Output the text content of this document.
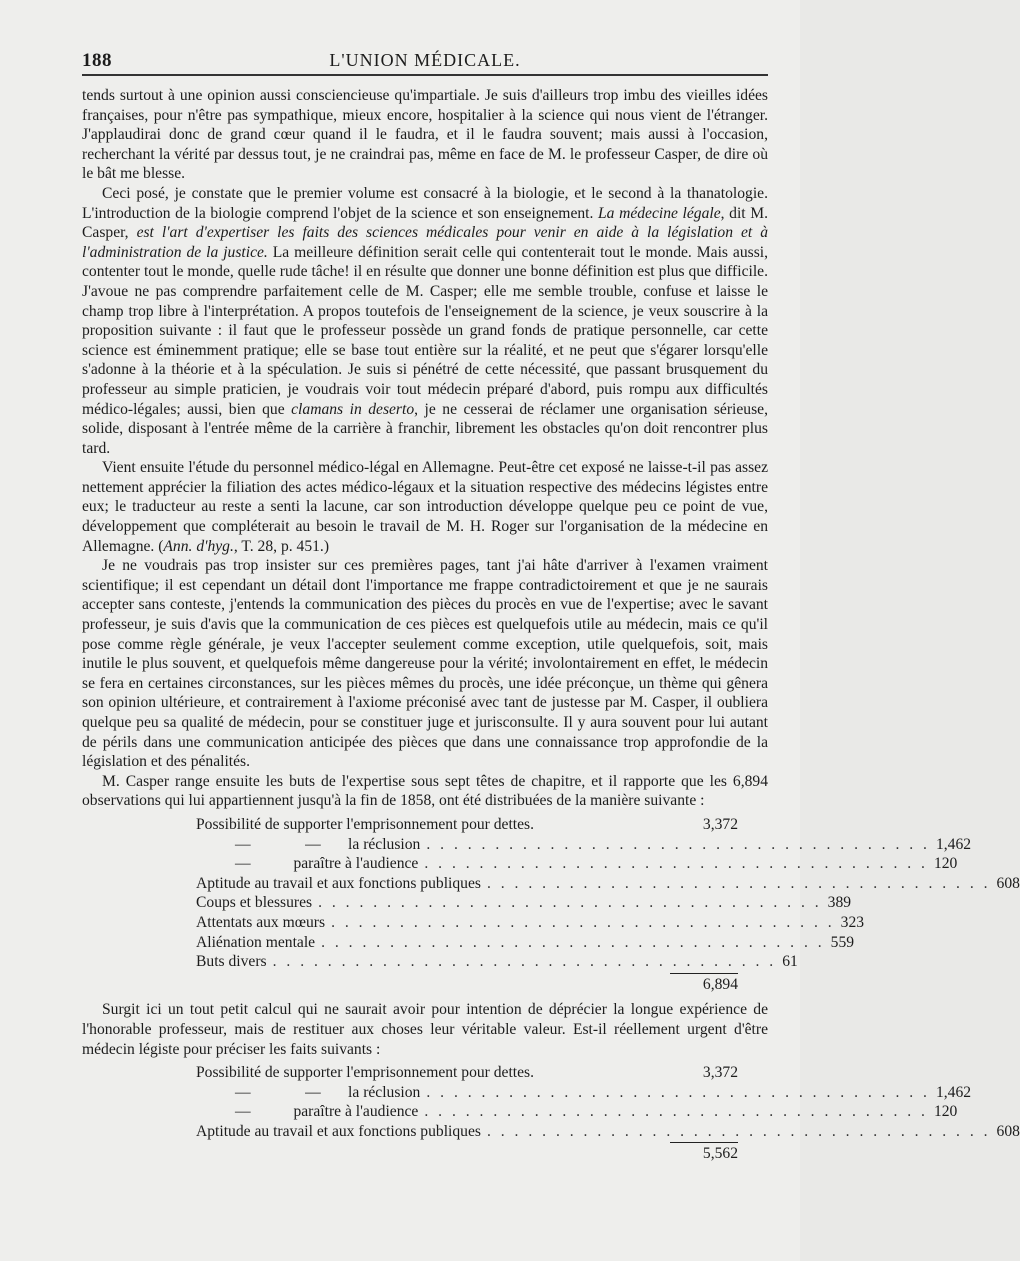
188	L'UNION MÉDICALE.

tends surtout à une opinion aussi consciencieuse qu'impartiale. Je suis d'ailleurs trop imbu des vieilles idées françaises, pour n'être pas sympathique, mieux encore, hospitalier à la science qui nous vient de l'étranger. J'applaudirai donc de grand cœur quand il le faudra, et il le faudra souvent; mais aussi à l'occasion, recherchant la vérité par dessus tout, je ne craindrai pas, même en face de M. le professeur Casper, de dire où le bât me blesse.

Ceci posé, je constate que le premier volume est consacré à la biologie, et le second à la thanatologie. L'introduction de la biologie comprend l'objet de la science et son enseignement. La médecine légale, dit M. Casper, est l'art d'expertiser les faits des sciences médicales pour venir en aide à la législation et à l'administration de la justice. La meilleure définition serait celle qui contenterait tout le monde. Mais aussi, contenter tout le monde, quelle rude tâche! il en résulte que donner une bonne définition est plus que difficile. J'avoue ne pas comprendre parfaitement celle de M. Casper; elle me semble trouble, confuse et laisse le champ trop libre à l'interprétation. A propos toutefois de l'enseignement de la science, je veux souscrire à la proposition suivante : il faut que le professeur possède un grand fonds de pratique personnelle, car cette science est éminemment pratique; elle se base tout entière sur la réalité, et ne peut que s'égarer lorsqu'elle s'adonne à la théorie et à la spéculation. Je suis si pénétré de cette nécessité, que passant brusquement du professeur au simple praticien, je voudrais voir tout médecin préparé d'abord, puis rompu aux difficultés médico-légales; aussi, bien que clamans in deserto, je ne cesserai de réclamer une organisation sérieuse, solide, disposant à l'entrée même de la carrière à franchir, librement les obstacles qu'on doit rencontrer plus tard.

Vient ensuite l'étude du personnel médico-légal en Allemagne. Peut-être cet exposé ne laisse-t-il pas assez nettement apprécier la filiation des actes médico-légaux et la situation respective des médecins légistes entre eux; le traducteur au reste a senti la lacune, car son introduction développe quelque peu ce point de vue, développement que compléterait au besoin le travail de M. H. Roger sur l'organisation de la médecine en Allemagne. (Ann. d'hyg., T. 28, p. 451.)

Je ne voudrais pas trop insister sur ces premières pages, tant j'ai hâte d'arriver à l'examen vraiment scientifique; il est cependant un détail dont l'importance me frappe contradictoirement et que je ne saurais accepter sans conteste, j'entends la communication des pièces du procès en vue de l'expertise; avec le savant professeur, je suis d'avis que la communication de ces pièces est quelquefois utile au médecin, mais ce qu'il pose comme règle générale, je veux l'accepter seulement comme exception, utile quelquefois, soit, mais inutile le plus souvent, et quelquefois même dangereuse pour la vérité; involontairement en effet, le médecin se fera en certaines circonstances, sur les pièces mêmes du procès, une idée préconçue, un thème qui gênera son opinion ultérieure, et contrairement à l'axiome préconisé avec tant de justesse par M. Casper, il oubliera quelque peu sa qualité de médecin, pour se constituer juge et jurisconsulte. Il y aura souvent pour lui autant de périls dans une communication anticipée des pièces que dans une connaissance trop approfondie de la législation et des pénalités.

M. Casper range ensuite les buts de l'expertise sous sept têtes de chapitre, et il rapporte que les 6,894 observations qui lui appartiennent jusqu'à la fin de 1858, ont été distribuées de la manière suivante :

Possibilité de supporter l'emprisonnement pour dettes.	3,372
—              —       la réclusion . . . . . . . . . . . . . . . . . . . . . . . . . . . . . . . . . . . . . 1,462
—           paraître à l'audience . . . . . . . . . . . . . . . . . . . . . . . . . . . . . . . . . . . . . 120
Aptitude au travail et aux fonctions publiques . . . . . . . . . . . . . . . . . . . . . . . . . . . . . . . . . . . . . 608
Coups et blessures . . . . . . . . . . . . . . . . . . . . . . . . . . . . . . . . . . . . . 389
Attentats aux mœurs . . . . . . . . . . . . . . . . . . . . . . . . . . . . . . . . . . . . . 323
Aliénation mentale . . . . . . . . . . . . . . . . . . . . . . . . . . . . . . . . . . . . . 559
Buts divers . . . . . . . . . . . . . . . . . . . . . . . . . . . . . . . . . . . . . 61
6,894

Surgit ici un tout petit calcul qui ne saurait avoir pour intention de déprécier la longue expérience de l'honorable professeur, mais de restituer aux choses leur véritable valeur. Est-il réellement urgent d'être médecin légiste pour préciser les faits suivants :

Possibilité de supporter l'emprisonnement pour dettes.	3,372
—              —       la réclusion . . . . . . . . . . . . . . . . . . . . . . . . . . . . . . . . . . . . . 1,462
—           paraître à l'audience . . . . . . . . . . . . . . . . . . . . . . . . . . . . . . . . . . . . . 120
Aptitude au travail et aux fonctions publiques . . . . . . . . . . . . . . . . . . . . . . . . . . . . . . . . . . . . . 608
5,562
